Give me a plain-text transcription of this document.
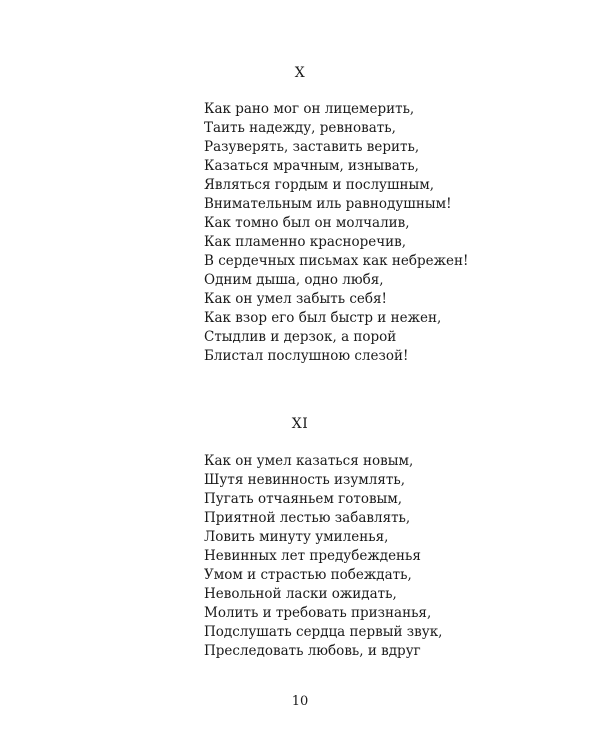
X
Как рано мог он лицемерить,
Таить надежду, ревновать,
Разуверять, заставить верить,
Казаться мрачным, изнывать,
Являться гордым и послушным,
Внимательным иль равнодушным!
Как томно был он молчалив,
Как пламенно красноречив,
В сердечных письмах как небрежен!
Одним дыша, одно любя,
Как он умел забыть себя!
Как взор его был быстр и нежен,
Стыдлив и дерзок, а порой
Блистал послушною слезой!
XI
Как он умел казаться новым,
Шутя невинность изумлять,
Пугать отчаяньем готовым,
Приятной лестью забавлять,
Ловить минуту умиленья,
Невинных лет предубежденья
Умом и страстью побеждать,
Невольной ласки ожидать,
Молить и требовать признанья,
Подслушать сердца первый звук,
Преследовать любовь, и вдруг
10
